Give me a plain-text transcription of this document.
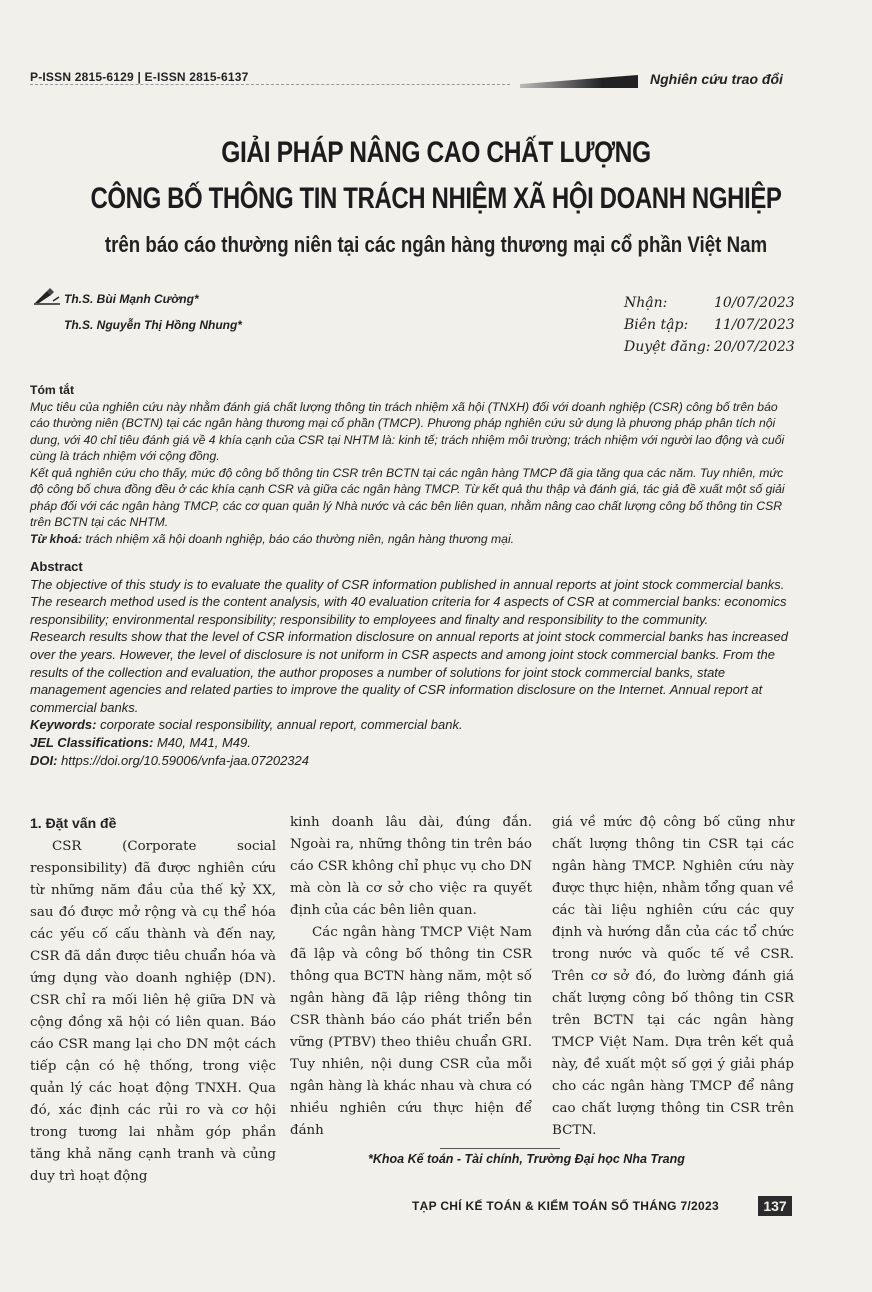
P-ISSN 2815-6129 | E-ISSN 2815-6137	Nghiên cứu trao đổi
GIẢI PHÁP NÂNG CAO CHẤT LƯỢNG
CÔNG BỐ THÔNG TIN TRÁCH NHIỆM XÃ HỘI DOANH NGHIỆP
trên báo cáo thường niên tại các ngân hàng thương mại cổ phần Việt Nam
Th.S. Bùi Mạnh Cường*
Th.S. Nguyễn Thị Hồng Nhung*
Nhận:	10/07/2023
Biên tập: 11/07/2023
Duyệt đăng: 20/07/2023
Tóm tắt
Mục tiêu của nghiên cứu này nhằm đánh giá chất lượng thông tin trách nhiệm xã hội (TNXH) đối với doanh nghiệp (CSR) công bố trên báo cáo thường niên (BCTN) tại các ngân hàng thương mại cổ phần (TMCP). Phương pháp nghiên cứu sử dụng là phương pháp phân tích nội dung, với 40 chỉ tiêu đánh giá về 4 khía cạnh của CSR tại NHTM là: kinh tế; trách nhiệm môi trường; trách nhiệm với người lao động và cuối cùng là trách nhiệm với cộng đồng.
Kết quả nghiên cứu cho thấy, mức độ công bố thông tin CSR trên BCTN tại các ngân hàng TMCP đã gia tăng qua các năm. Tuy nhiên, mức độ công bố chưa đồng đều ở các khía cạnh CSR và giữa các ngân hàng TMCP. Từ kết quả thu thập và đánh giá, tác giả đề xuất một số giải pháp đối với các ngân hàng TMCP, các cơ quan quản lý Nhà nước và các bên liên quan, nhằm nâng cao chất lượng công bố thông tin CSR trên BCTN tại các NHTM.
Từ khoá: trách nhiệm xã hội doanh nghiệp, báo cáo thường niên, ngân hàng thương mại.
Abstract
The objective of this study is to evaluate the quality of CSR information published in annual reports at joint stock commercial banks. The research method used is the content analysis, with 40 evaluation criteria for 4 aspects of CSR at commercial banks: economics responsibility; environmental responsibility; responsibility to employees and finalty and responsibility to the community.
Research results show that the level of CSR information disclosure on annual reports at joint stock commercial banks has increased over the years. However, the level of disclosure is not uniform in CSR aspects and among joint stock commercial banks. From the results of the collection and evaluation, the author proposes a number of solutions for joint stock commercial banks, state management agencies and related parties to improve the quality of CSR information disclosure on the Internet. Annual report at commercial banks.
Keywords: corporate social responsibility, annual report, commercial bank.
JEL Classifications: M40, M41, M49.
DOI: https://doi.org/10.59006/vnfa-jaa.07202324
1. Đặt vấn đề

CSR (Corporate social responsibility) đã được nghiên cứu từ những năm đầu của thế kỷ XX, sau đó được mở rộng và cụ thể hóa các yếu cố cấu thành và đến nay, CSR đã dần được tiêu chuẩn hóa và ứng dụng vào doanh nghiệp (DN). CSR chỉ ra mối liên hệ giữa DN và cộng đồng xã hội có liên quan. Báo cáo CSR mang lại cho DN một cách tiếp cận có hệ thống, trong việc quản lý các hoạt động TNXH. Qua đó, xác định các rủi ro và cơ hội trong tương lai nhằm góp phần tăng khả năng cạnh tranh và củng duy trì hoạt động

kinh doanh lâu dài, đúng đắn. Ngoài ra, những thông tin trên báo cáo CSR không chỉ phục vụ cho DN mà còn là cơ sở cho việc ra quyết định của các bên liên quan.

Các ngân hàng TMCP Việt Nam đã lập và công bố thông tin CSR thông qua BCTN hàng năm, một số ngân hàng đã lập riêng thông tin CSR thành báo cáo phát triển bền vững (PTBV) theo thiêu chuẩn GRI. Tuy nhiên, nội dung CSR của mỗi ngân hàng là khác nhau và chưa có nhiều nghiên cứu thực hiện để đánh

giá về mức độ công bố cũng như chất lượng thông tin CSR tại các ngân hàng TMCP. Nghiên cứu này được thực hiện, nhằm tổng quan về các tài liệu nghiên cứu các quy định và hướng dẫn của các tổ chức trong nước và quốc tế về CSR. Trên cơ sở đó, đo lường đánh giá chất lượng công bố thông tin CSR trên BCTN tại các ngân hàng TMCP Việt Nam. Dựa trên kết quả này, đề xuất một số gợi ý giải pháp cho các ngân hàng TMCP để nâng cao chất lượng thông tin CSR trên BCTN.

*Khoa Kế toán - Tài chính, Trường Đại học Nha Trang
TẠP CHÍ KẾ TOÁN & KIỂM TOÁN SỐ THÁNG 7/2023	137
